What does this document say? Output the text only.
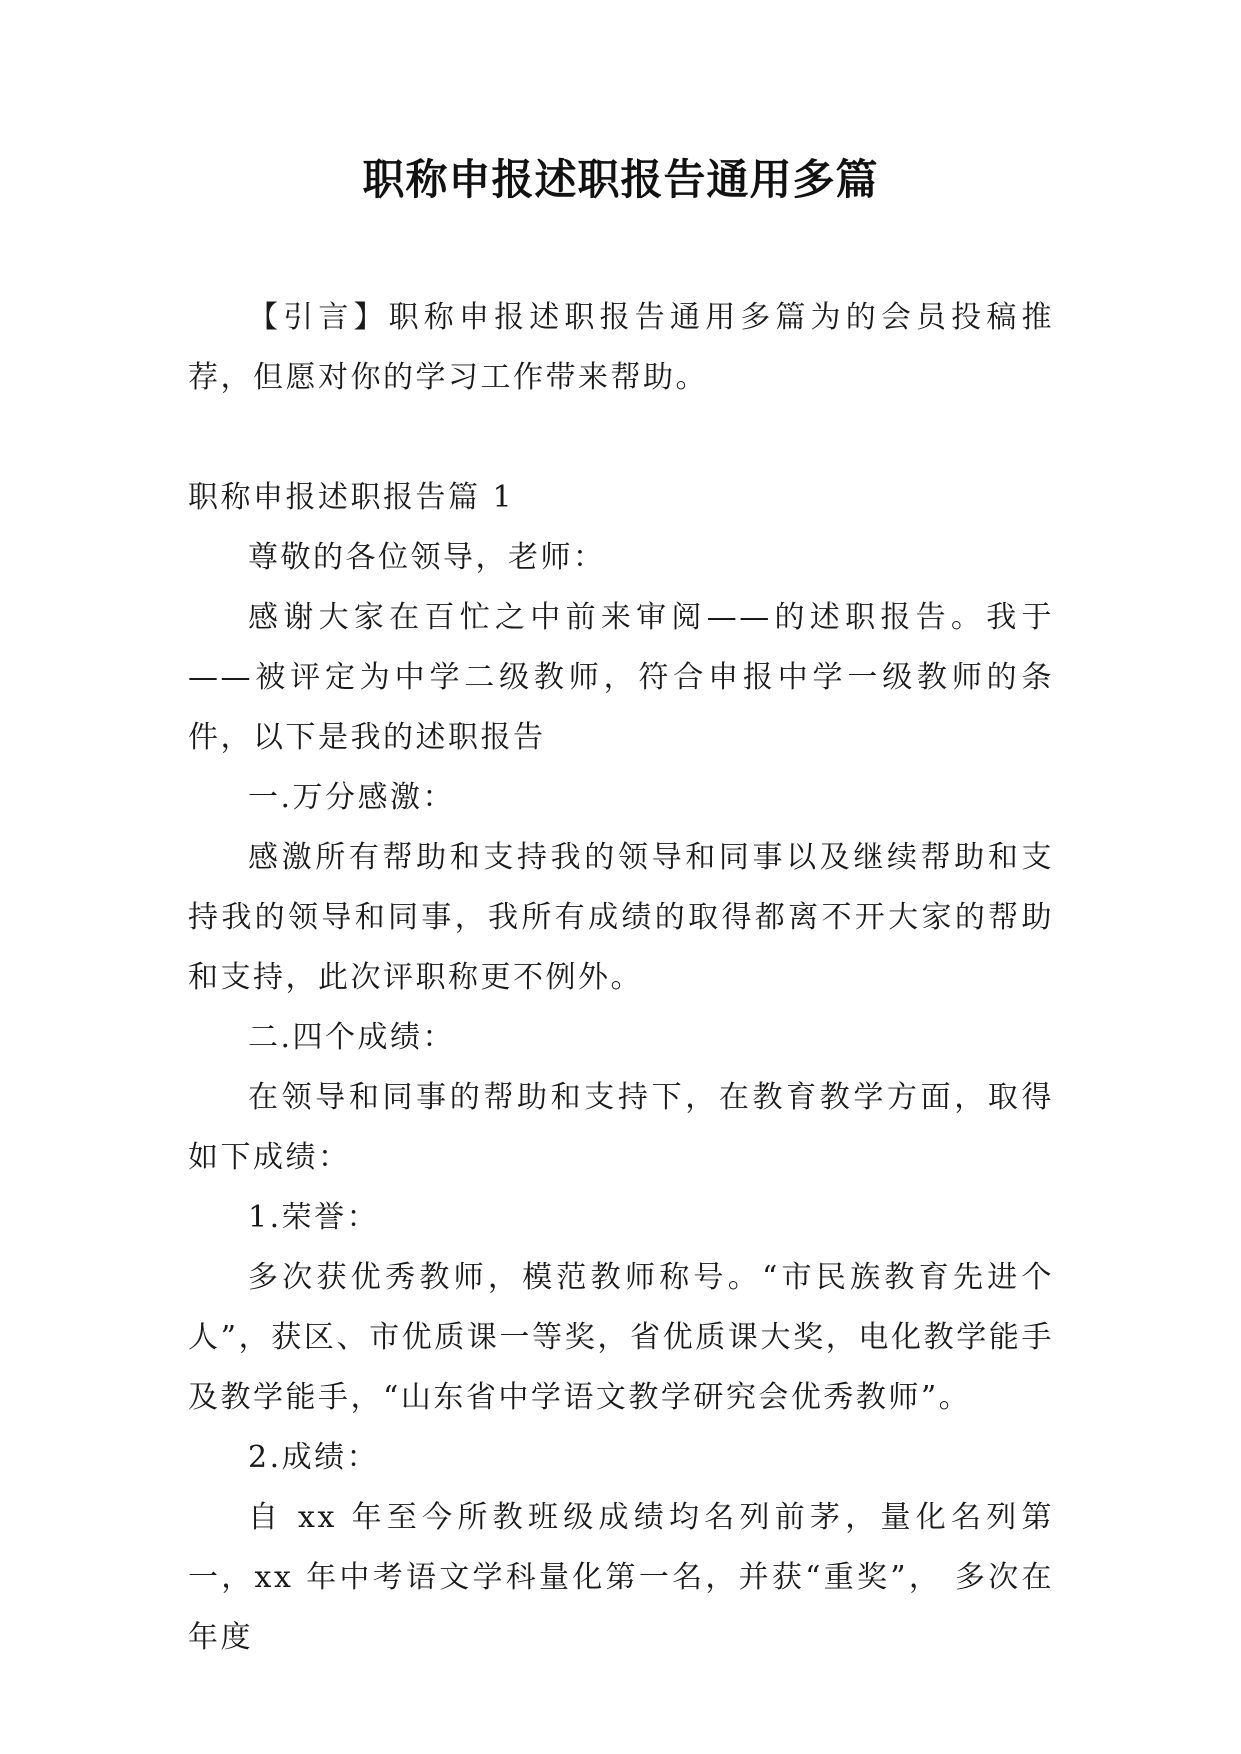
职称申报述职报告通用多篇

【引言】职称申报述职报告通用多篇为的会员投稿推荐，但愿对你的学习工作带来帮助。

职称申报述职报告篇 1

尊敬的各位领导，老师：

感谢大家在百忙之中前来审阅——的述职报告。我于——被评定为中学二级教师，符合申报中学一级教师的条件，以下是我的述职报告

一.万分感激：

感激所有帮助和支持我的领导和同事以及继续帮助和支持我的领导和同事，我所有成绩的取得都离不开大家的帮助和支持，此次评职称更不例外。

二.四个成绩：

在领导和同事的帮助和支持下，在教育教学方面，取得如下成绩：

1.荣誉：

多次获优秀教师，模范教师称号。“市民族教育先进个人”，获区、市优质课一等奖，省优质课大奖，电化教学能手及教学能手，“山东省中学语文教学研究会优秀教师”。

2.成绩：

自 xx 年至今所教班级成绩均名列前茅，量化名列第一，xx 年中考语文学科量化第一名，并获“重奖”， 多次在年度
